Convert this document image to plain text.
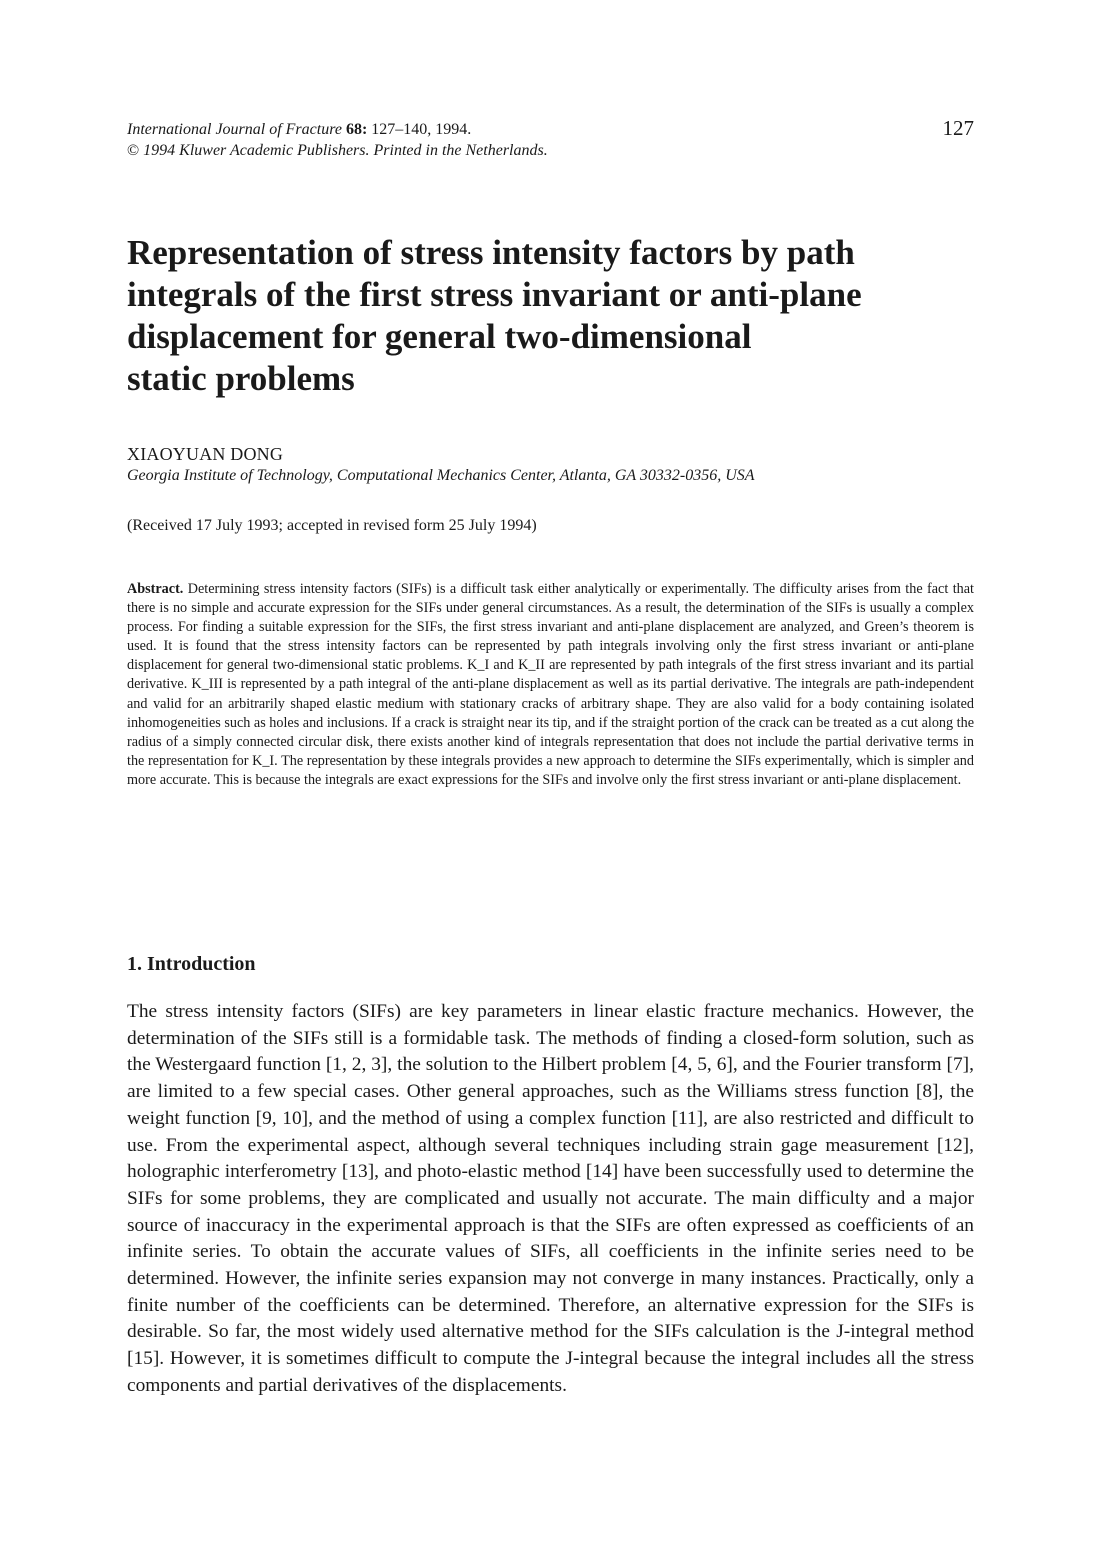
International Journal of Fracture 68: 127–140, 1994.
© 1994 Kluwer Academic Publishers. Printed in the Netherlands.
127
Representation of stress intensity factors by path
integrals of the first stress invariant or anti-plane
displacement for general two-dimensional
static problems
XIAOYUAN DONG
Georgia Institute of Technology, Computational Mechanics Center, Atlanta, GA 30332-0356, USA
(Received 17 July 1993; accepted in revised form 25 July 1994)

Abstract. Determining stress intensity factors (SIFs) is a difficult task either analytically or experimentally. The difficulty arises from the fact that there is no simple and accurate expression for the SIFs under general circumstances. As a result, the determination of the SIFs is usually a complex process. For finding a suitable expression for the SIFs, the first stress invariant and anti-plane displacement are analyzed, and Green’s theorem is used. It is found that the stress intensity factors can be represented by path integrals involving only the first stress invariant or anti-plane displacement for general two-dimensional static problems. K_I and K_II are represented by path integrals of the first stress invariant and its partial derivative. K_III is represented by a path integral of the anti-plane displacement as well as its partial derivative. The integrals are path-independent and valid for an arbitrarily shaped elastic medium with stationary cracks of arbitrary shape. They are also valid for a body containing isolated inhomogeneities such as holes and inclusions. If a crack is straight near its tip, and if the straight portion of the crack can be treated as a cut along the radius of a simply connected circular disk, there exists another kind of integrals representation that does not include the partial derivative terms in the representation for K_I. The representation by these integrals provides a new approach to determine the SIFs experimentally, which is simpler and more accurate. This is because the integrals are exact expressions for the SIFs and involve only the first stress invariant or anti-plane displacement.

1. Introduction

The stress intensity factors (SIFs) are key parameters in linear elastic fracture mechanics. However, the determination of the SIFs still is a formidable task. The methods of finding a closed-form solution, such as the Westergaard function [1, 2, 3], the solution to the Hilbert problem [4, 5, 6], and the Fourier transform [7], are limited to a few special cases. Other general approaches, such as the Williams stress function [8], the weight function [9, 10], and the method of using a complex function [11], are also restricted and difficult to use. From the experimental aspect, although several techniques including strain gage measurement [12], holographic interferometry [13], and photo-elastic method [14] have been successfully used to determine the SIFs for some problems, they are complicated and usually not accurate. The main difficulty and a major source of inaccuracy in the experimental approach is that the SIFs are often expressed as coefficients of an infinite series. To obtain the accurate values of SIFs, all coefficients in the infinite series need to be determined. However, the infinite series expansion may not converge in many instances. Practically, only a finite number of the coefficients can be determined. Therefore, an alternative expression for the SIFs is desirable. So far, the most widely used alternative method for the SIFs calculation is the J-integral method [15]. However, it is sometimes difficult to compute the J-integral because the integral includes all the stress components and partial derivatives of the displacements.
